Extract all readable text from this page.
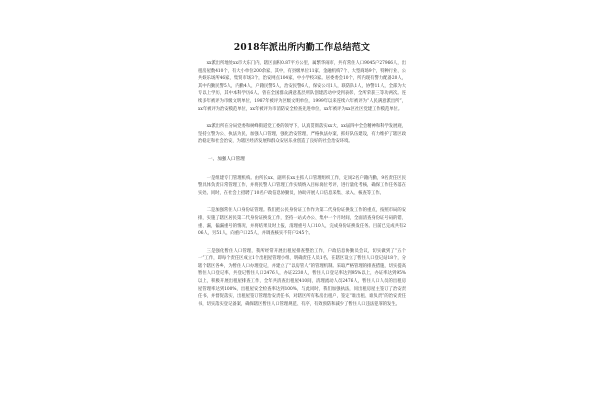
2018年派出所内勤工作总结范文

xx派出所地处xx市大东门内，辖区面积0.87平方公里，属繁华闹市，共有常住人口9045户27966人，出租房屋数410个，有大小单位200余家，其中，有县级单位11家、金融机构7个、大型商场9个，特种行业、公共娱乐场所46家，集贸市场3个，治安网点104家，中小学校3家。居委委会10个，所内现有警力配备20人，其中内勤民警5人，内勤4人，户籍民警5人，治安民警6人，保安公司1人，联防队1人，协警11人，全部为大专以上学历，其中本科学历6人。曾在全国群众满意基层所队创建活动中受到表彰，全所荣获三等功两次。连续多年被评为市级文明单位，1987年被评为区级文明单位，1999年以来连续六年被评为“人民满意派出所”，xx年被评为治安模范单位，xx年被评为市消防安全检查先进单位，xx年被评为xx区社区党建工作模范单位。

xx派出所在分局党委和树峰街道党工委的领导下，认真贯彻落实xx大、xx届四中全会精神和科学发展观，坚持立警为公、执法为民，加强人口管理，强化治安管理，严格执法办案，抓好队伍建设，有力维护了辖区政治稳定和社会治安，为辖区经济发展和群众安居乐业创造了良好的社会治安环境。

一、加强人口管理

一是组建专门管理机构。由所长xx、副所长xx主抓人口管理组织工作，定岗2名户籍内勤，9名责任区民警具体负责日常管理工作，并将民警人口管理工作实绩纳入目标岗位考评，进行量化考核，确保工作任务落在实处。同时，在社会上招聘了10名户政信息协勤员，协助开展人口信息采集、录入、核查等工作。

二是加强常住人口身份证管理。我们把公民身份证工作作为第二代身份证换发工作的重点，按照市局的安排，实施了辖区居民第二代身份证换发工作，坚持一站式办公、集中一个月时间，全面清查身份证号码的错、重、漏，偏漏重号的情况，并将结果及时上报，清理重号人口10人，完成身份证换发任务。目前已完成共有206人，另51人，向重户口25人，并调查核实不符户245个。

三是强化暂住人口管理，我所经常开展出租屋排查整治工作，户政信息协勤员会议，切实做到了“五个一”工作，即每个责任区成立1个出租屋管理小组、明确责任人员1名，在辖区设立了暂住人口登记站18个，分辖个辖区各乡，为暂住人口办理登记，并建立了“以房管人”的管理机制。采取严格管理的排查措施，切实提高暂住人口登记率，共登记暂住人口2476人，办证2230人，暂住人口登记率达到95%以上，办证率达到95%以上，积极开展出租屋排查工作，全年共清查出租屋410间，清理流动人员2476人，暂住人口人员的出租房屋管理率达到100%，出租屋安全检查率达到100%，与此同时，我们加强执法，同出租房屋主签订了治安责任书，并督促落实，出租屋签订管理治安责任书，对辖区所有私房出租户，签定“谁出租、谁负责”的治安责任书，切实落实登记备案，确保辖区暂住人口管理规范、有序，有效预防和减少了暂住人口违法犯罪的发生。
